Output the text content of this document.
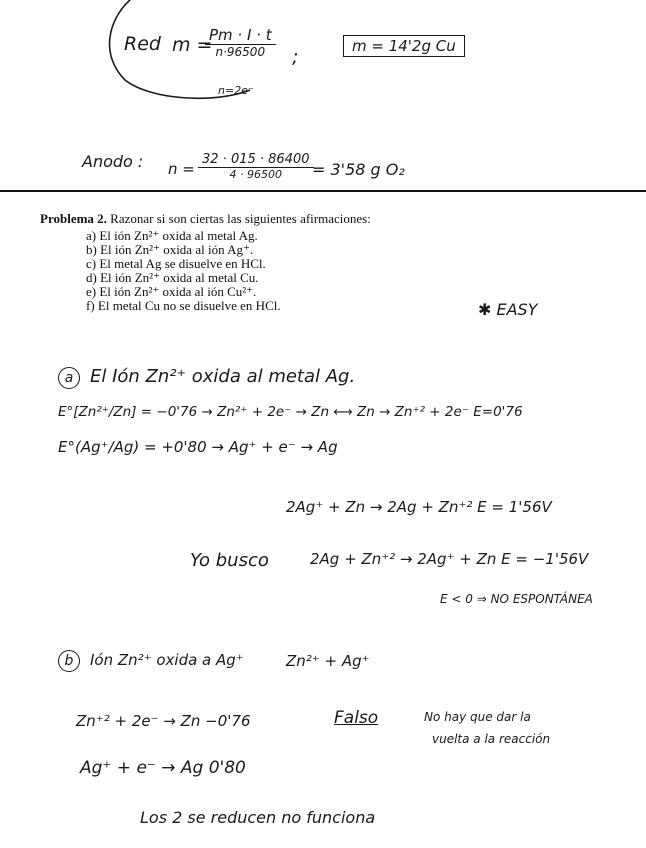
Red m =
Pm · I · t
n·96500
n=2e⁻
;	m = 14'2g Cu
Anodo : n =
32 · 015 · 86400
4 · 96500	= 3'58 g O₂
Problema 2. Razonar si son ciertas las siguientes afirmaciones:
a) El ión Zn²⁺ oxida al metal Ag.
b) El ión Zn²⁺ oxida al ión Ag⁺.
c) El metal Ag se disuelve en HCl.
d) El ión Zn²⁺ oxida al metal Cu.
e) El ión Zn²⁺ oxida al ión Cu²⁺.
f) El metal Cu no se disuelve en HCl.	✱ EASY
a El Ión Zn²⁺ oxida al metal Ag.
E°[Zn²⁺/Zn] = −0'76 → Zn²⁺ + 2e⁻ → Zn ⟷ Zn → Zn⁺² + 2e⁻ E=0'76
E°(Ag⁺/Ag) = +0'80 → Ag⁺ + e⁻ → Ag
2Ag⁺ + Zn → 2Ag + Zn⁺² E = 1'56V
Yo busco	2Ag + Zn⁺² → 2Ag⁺ + Zn E = −1'56V
E < 0 ⇒ NO ESPONTÁNEA
b Ión Zn²⁺ oxida a Ag⁺	Zn²⁺ + Ag⁺
Zn⁺² + 2e⁻ → Zn −0'76	Falso	No hay que dar la
vuelta a la reacción
Ag⁺ + e⁻ → Ag 0'80
Los 2 se reducen no funciona
